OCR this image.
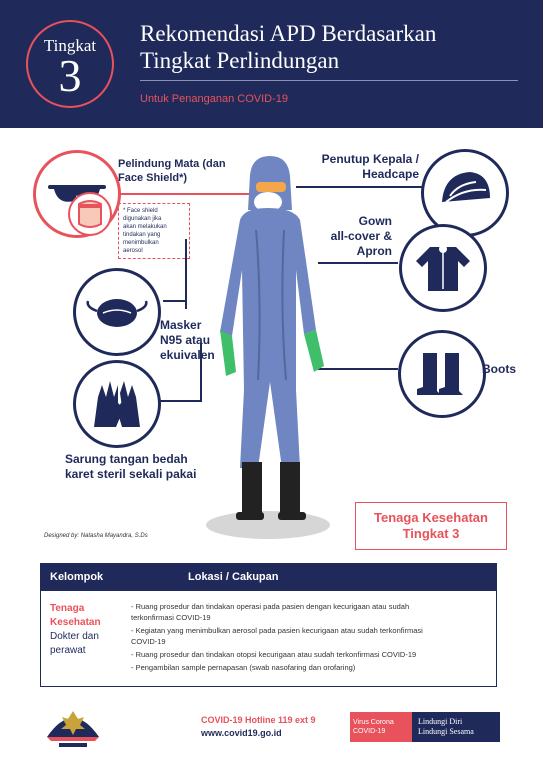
Tingkat
3
Rekomendasi APD Berdasarkan
Tingkat Perlindungan
Untuk Penanganan COVID-19
Pelindung Mata (dan
Face Shield*)
* Face shield
digunakan jika
akan melakukan
tindakan yang
menimbulkan
aerosol
Penutup Kepala /
Headcape
Gown
all-cover &
Apron
Masker
N95 atau
ekuivalen
Boots
Sarung tangan bedah
karet steril sekali pakai
Designed by: Natasha Mayandra, S.Ds
Tenaga Kesehatan
Tingkat 3
Kelompok	Lokasi / Cakupan
Tenaga
Kesehatan
Dokter dan
perawat
- Ruang prosedur dan tindakan operasi pada pasien dengan kecurigaan atau sudah
terkonfirmasi COVID-19
- Kegiatan yang menimbulkan aerosol pada pasien kecurigaan atau sudah terkonfirmasi
COVID-19
- Ruang prosedur dan tindakan otopsi kecurigaan atau sudah terkonfirmasi COVID-19
- Pengambilan sample pernapasan (swab nasofaring dan orofaring)
COVID-19 Hotline 119 ext 9
www.covid19.go.id
Virus Corona
COVID-19
Lindungi Diri
Lindungi Sesama
